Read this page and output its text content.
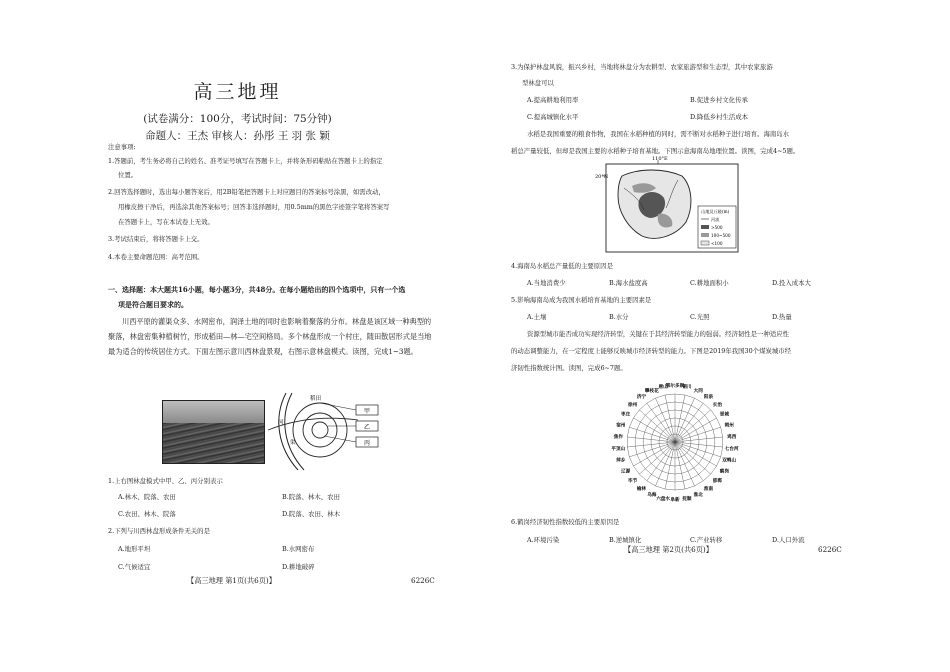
高三地理
(试卷满分：100分，考试时间：75分钟)
命题人：王杰 审核人：孙彤 王 羽 张 颖
注意事项:
1.答题前，考生务必将自己的姓名、准考证号填写在答题卡上，并将条形码粘贴在答题卡上的指定
位置。
2.回答选择题时，选出每小题答案后，用2B铅笔把答题卡上对应题目的答案标号涂黑，如需改动，
用橡皮擦干净后，再选涂其他答案标号；回答非选择题时，用0.5mm的黑色字迹签字笔将答案写
在答题卡上，写在本试卷上无效。
3.考试结束后，将将答题卡上交。
4.本卷主要命题范围：高考范围。
一、选择题：本大题共16小题，每小题3分，共48分。在每小题给出的四个选项中，只有一个选
项是符合题目要求的。
川西平原的灌渠众多、水网密布，润泽土地的同时也影响着聚落的分布。林盘是该区域一种典型的聚落，林盘密集种植树竹，形成稻田—林—宅空间格局。多个林盘形成一个村庄，随田散居形式是当地最为适合的传统居住方式。下面左图示意川西林盘景观，右图示意林盘模式。读图，完成1~3题。
甲
乙
丙
稻田
河
渠
1.上右图林盘模式中甲、乙、丙分别表示
A.林木、院落、农田	B.院落、林木、农田
C.农田、林木、院落	D.院落、农田、林木
2.下列与川西林盘形成条件无关的是
A.地形平坦	B.水网密布
C.气候适宜	D.耕地破碎
【高三地理 第1页(共6页)】	6226C
3.为保护林盘风貌，振兴乡村，当地将林盘分为农耕型、农家旅游型和生态型，其中农家旅游
型林盘可以
A.提高耕地利用率	B.促进乡村文化传承
C.提高城镇化水平	D.降低乡村生活成本
水稻是我国重要的粮食作物，我国在水稻种植的同时，需不断对水稻种子进行培育。海南岛水
稻总产量较低，但却是我国主要的水稻种子培育基地。下图示意海南岛地理位置。读图，完成4~5题。
110°E
20°N
山地及丘陵(m)
河流
>500
100~500
<100
4.海南岛水稻总产量低的主要原因是
A.当地消费少	B.海水盐度高	C.耕地面积小	D.投入成本大
5.影响海南岛成为我国水稻培育基地的主要因素是
A.土壤	B.水分	C.光照	D.热量
资源型城市能否成功实现经济转型，关键在于其经济转型能力的强弱。经济韧性是一种适应性
的动态调整能力，在一定程度上能够反映城市经济转型的能力。下图是2019年我国30个煤炭城市经
济韧性指数统计图。读图，完成6~7题。
鄂尔多斯
铜川
大同
阳泉
长治
晋城
朔州
鸡西
七台河
双鸭山
鹤岗
邯郸
淮南
淮北
抚顺
阜新
六盘水
乌海
榆林
毕节
辽源
萍乡
平顶山
焦作
宿州
枣庄
徐州
济宁
攀枝花
唐山
6.鹤岗经济韧性指数较低的主要原因是
A.环境污染	B.逆城镇化	C.产业转移	D.人口外流
【高三地理 第2页(共6页)】	6226C
